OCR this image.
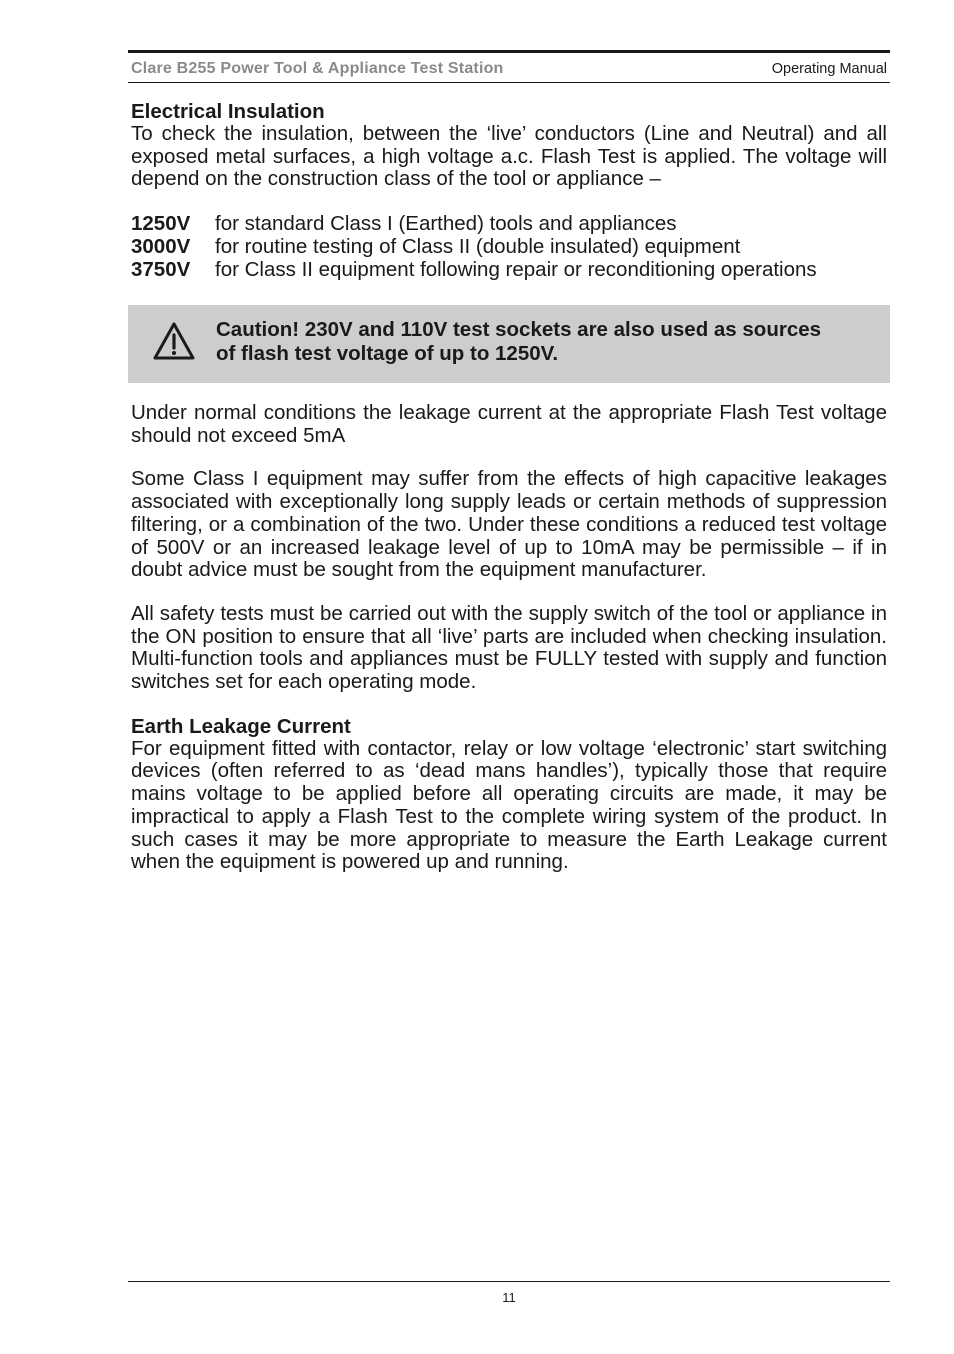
Clare B255 Power Tool & Appliance Test Station	Operating Manual
Electrical Insulation

To check the insulation, between the ‘live’ conductors (Line and Neutral) and all exposed metal surfaces, a high voltage a.c. Flash Test is applied. The voltage will depend on the construction class of the tool or appliance –

1250V	for standard Class I (Earthed) tools and appliances
3000V	for routine testing of Class II (double insulated) equipment
3750V	for Class II equipment following repair or reconditioning operations
Caution! 230V and 110V test sockets are also used as sources
of flash test voltage of up to 1250V.

Under normal conditions the leakage current at the appropriate Flash Test voltage should not exceed 5mA

Some Class I equipment may suffer from the effects of high capacitive leakages associated with exceptionally long supply leads or certain methods of suppression filtering, or a combination of the two. Under these conditions a reduced test voltage of 500V or an increased leakage level of up to 10mA may be permissible – if in doubt advice must be sought from the equipment manufacturer.

All safety tests must be carried out with the supply switch of the tool or appliance in the ON position to ensure that all ‘live’ parts are included when checking insulation. Multi-function tools and appliances must be FULLY tested with supply and function switches set for each operating mode.

Earth Leakage Current

For equipment fitted with contactor, relay or low voltage ‘electronic’ start switching devices (often referred to as ‘dead mans handles’), typically those that require mains voltage to be applied before all operating circuits are made, it may be impractical to apply a Flash Test to the complete wiring system of the product. In such cases it may be more appropriate to measure the Earth Leakage current when the equipment is powered up and running.

11
